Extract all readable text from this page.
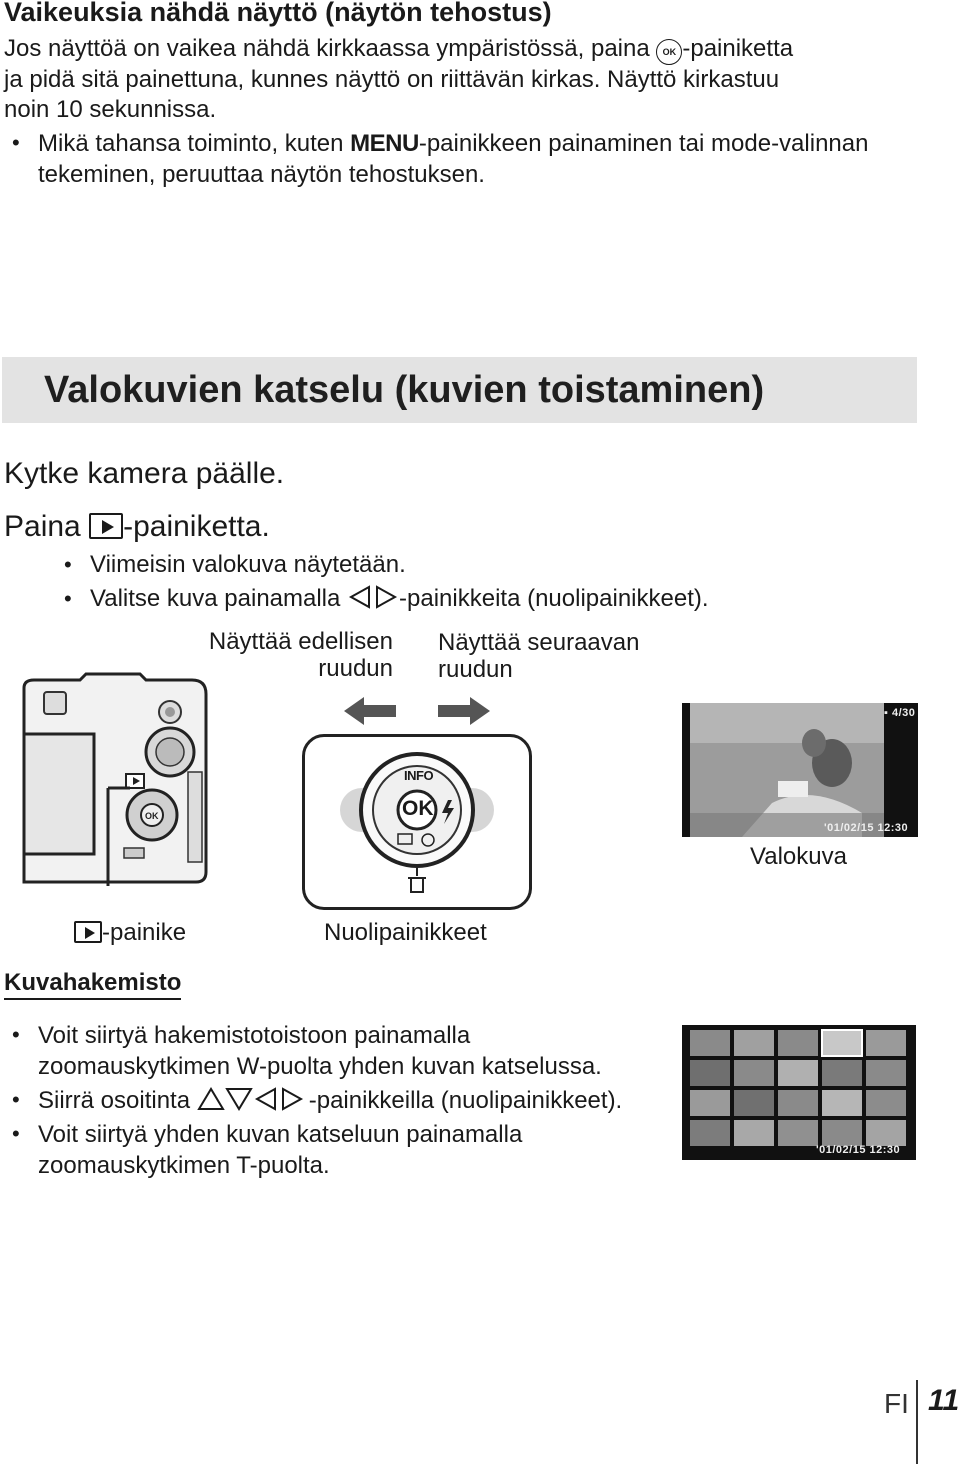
Vaikeuksia nähdä näyttö (näytön tehostus)
Jos näyttöä on vaikea nähdä kirkkaassa ympäristössä, paina OK -painiketta
ja pidä sitä painettuna, kunnes näyttö on riittävän kirkas. Näyttö kirkastuu
noin 10 sekunnissa.
• Mikä tahansa toiminto, kuten MENU-painikkeen painaminen tai mode-valinnan
tekeminen, peruuttaa näytön tehostuksen.
Valokuvien katselu (kuvien toistaminen)
Kytke kamera päälle.
Paina -painiketta.
• Viimeisin valokuva näytetään.
• Valitse kuva painamalla -painikkeita (nuolipainikkeet).
Näyttää edellisen
ruudun
Näyttää seuraavan
ruudun
OK
INFO
OK
▪ 4/30
'01/02/15 12:30
Valokuva
-painike	Nuolipainikkeet
Kuvahakemisto
• Voit siirtyä hakemistotoistoon painamalla
zoomauskytkimen W-puolta yhden kuvan katselussa.
• Siirrä osoitinta	-painikkeilla (nuolipainikkeet).
• Voit siirtyä yhden kuvan katseluun painamalla
zoomauskytkimen T-puolta.
'01/02/15 12:30
FI 11
